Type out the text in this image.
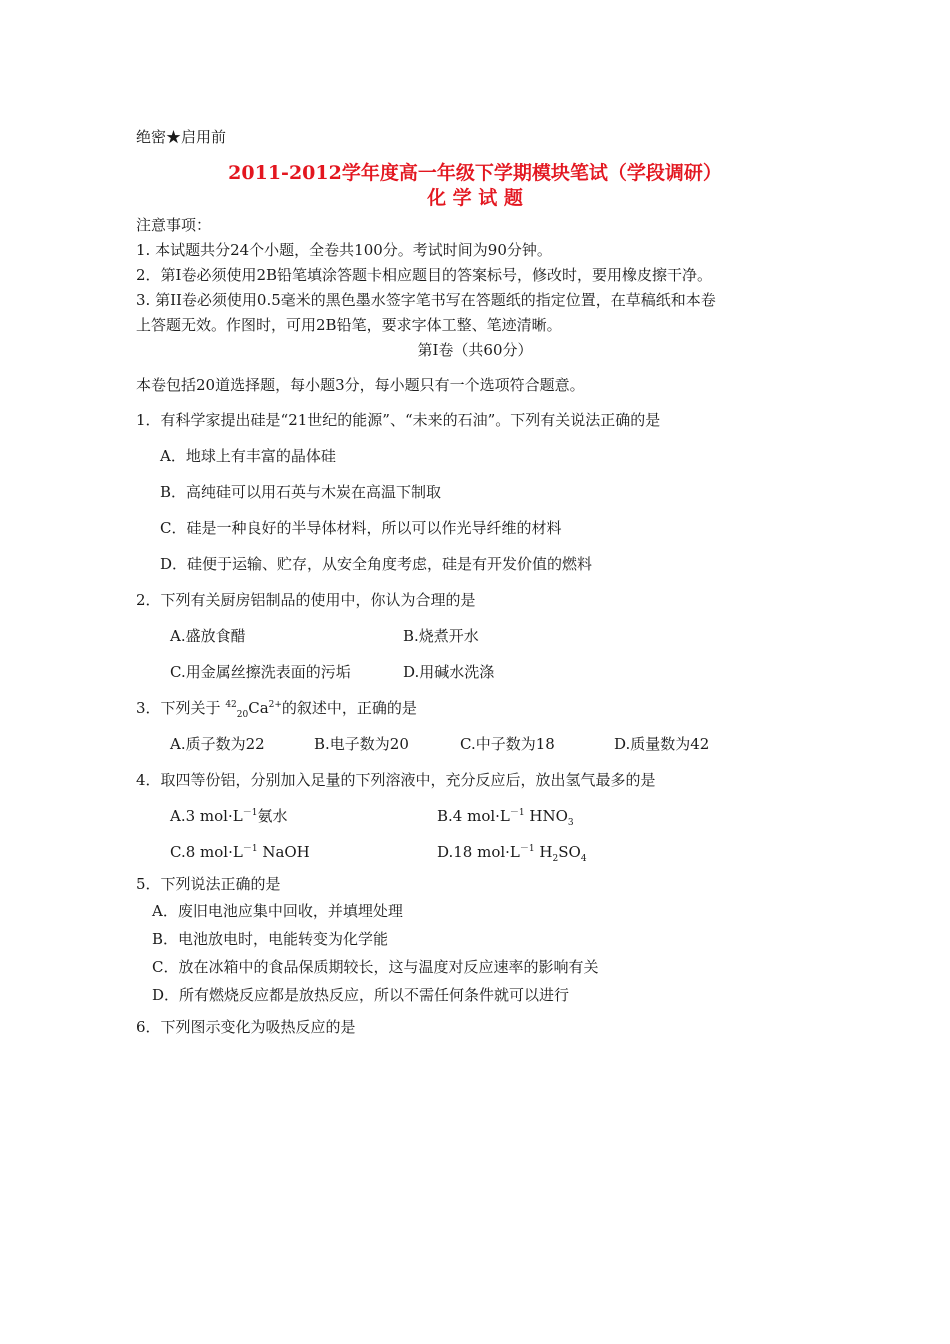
绝密★启用前
2011-2012学年度高一年级下学期模块笔试（学段调研）
化 学 试 题
注意事项：
1. 本试题共分24个小题，全卷共100分。考试时间为90分钟。
2．第I卷必须使用2B铅笔填涂答题卡相应题目的答案标号，修改时，要用橡皮擦干净。
3. 第II卷必须使用0.5毫米的黑色墨水签字笔书写在答题纸的指定位置，在草稿纸和本卷
上答题无效。作图时，可用2B铅笔，要求字体工整、笔迹清晰。
第I卷（共60分）
本卷包括20道选择题，每小题3分，每小题只有一个选项符合题意。
1．有科学家提出硅是“21世纪的能源”、“未来的石油”。下列有关说法正确的是
A．地球上有丰富的晶体硅
B．高纯硅可以用石英与木炭在高温下制取
C．硅是一种良好的半导体材料，所以可以作光导纤维的材料
D．硅便于运输、贮存，从安全角度考虑，硅是有开发价值的燃料
2．下列有关厨房铝制品的使用中，你认为合理的是
A.盛放食醋	B.烧煮开水
C.用金属丝擦洗表面的污垢	D.用碱水洗涤
3．下列关于 $^{42}_{20}Ca^{2+}$的叙述中，正确的是
A.质子数为22	B.电子数为20	C.中子数为18	D.质量数为42
4．取四等份铝，分别加入足量的下列溶液中，充分反应后，放出氢气最多的是
A.3 $mol\cdot L^{-1}$氨水	B.4 $mol\cdot L^{-1}$ $HNO_3$
C.8 $mol\cdot L^{-1}$ NaOH	D.18 $mol\cdot L^{-1}$ $H_2SO_4$
5．下列说法正确的是
A．废旧电池应集中回收，并填埋处理
B．电池放电时，电能转变为化学能
C．放在冰箱中的食品保质期较长，这与温度对反应速率的影响有关
D．所有燃烧反应都是放热反应，所以不需任何条件就可以进行
6．下列图示变化为吸热反应的是
